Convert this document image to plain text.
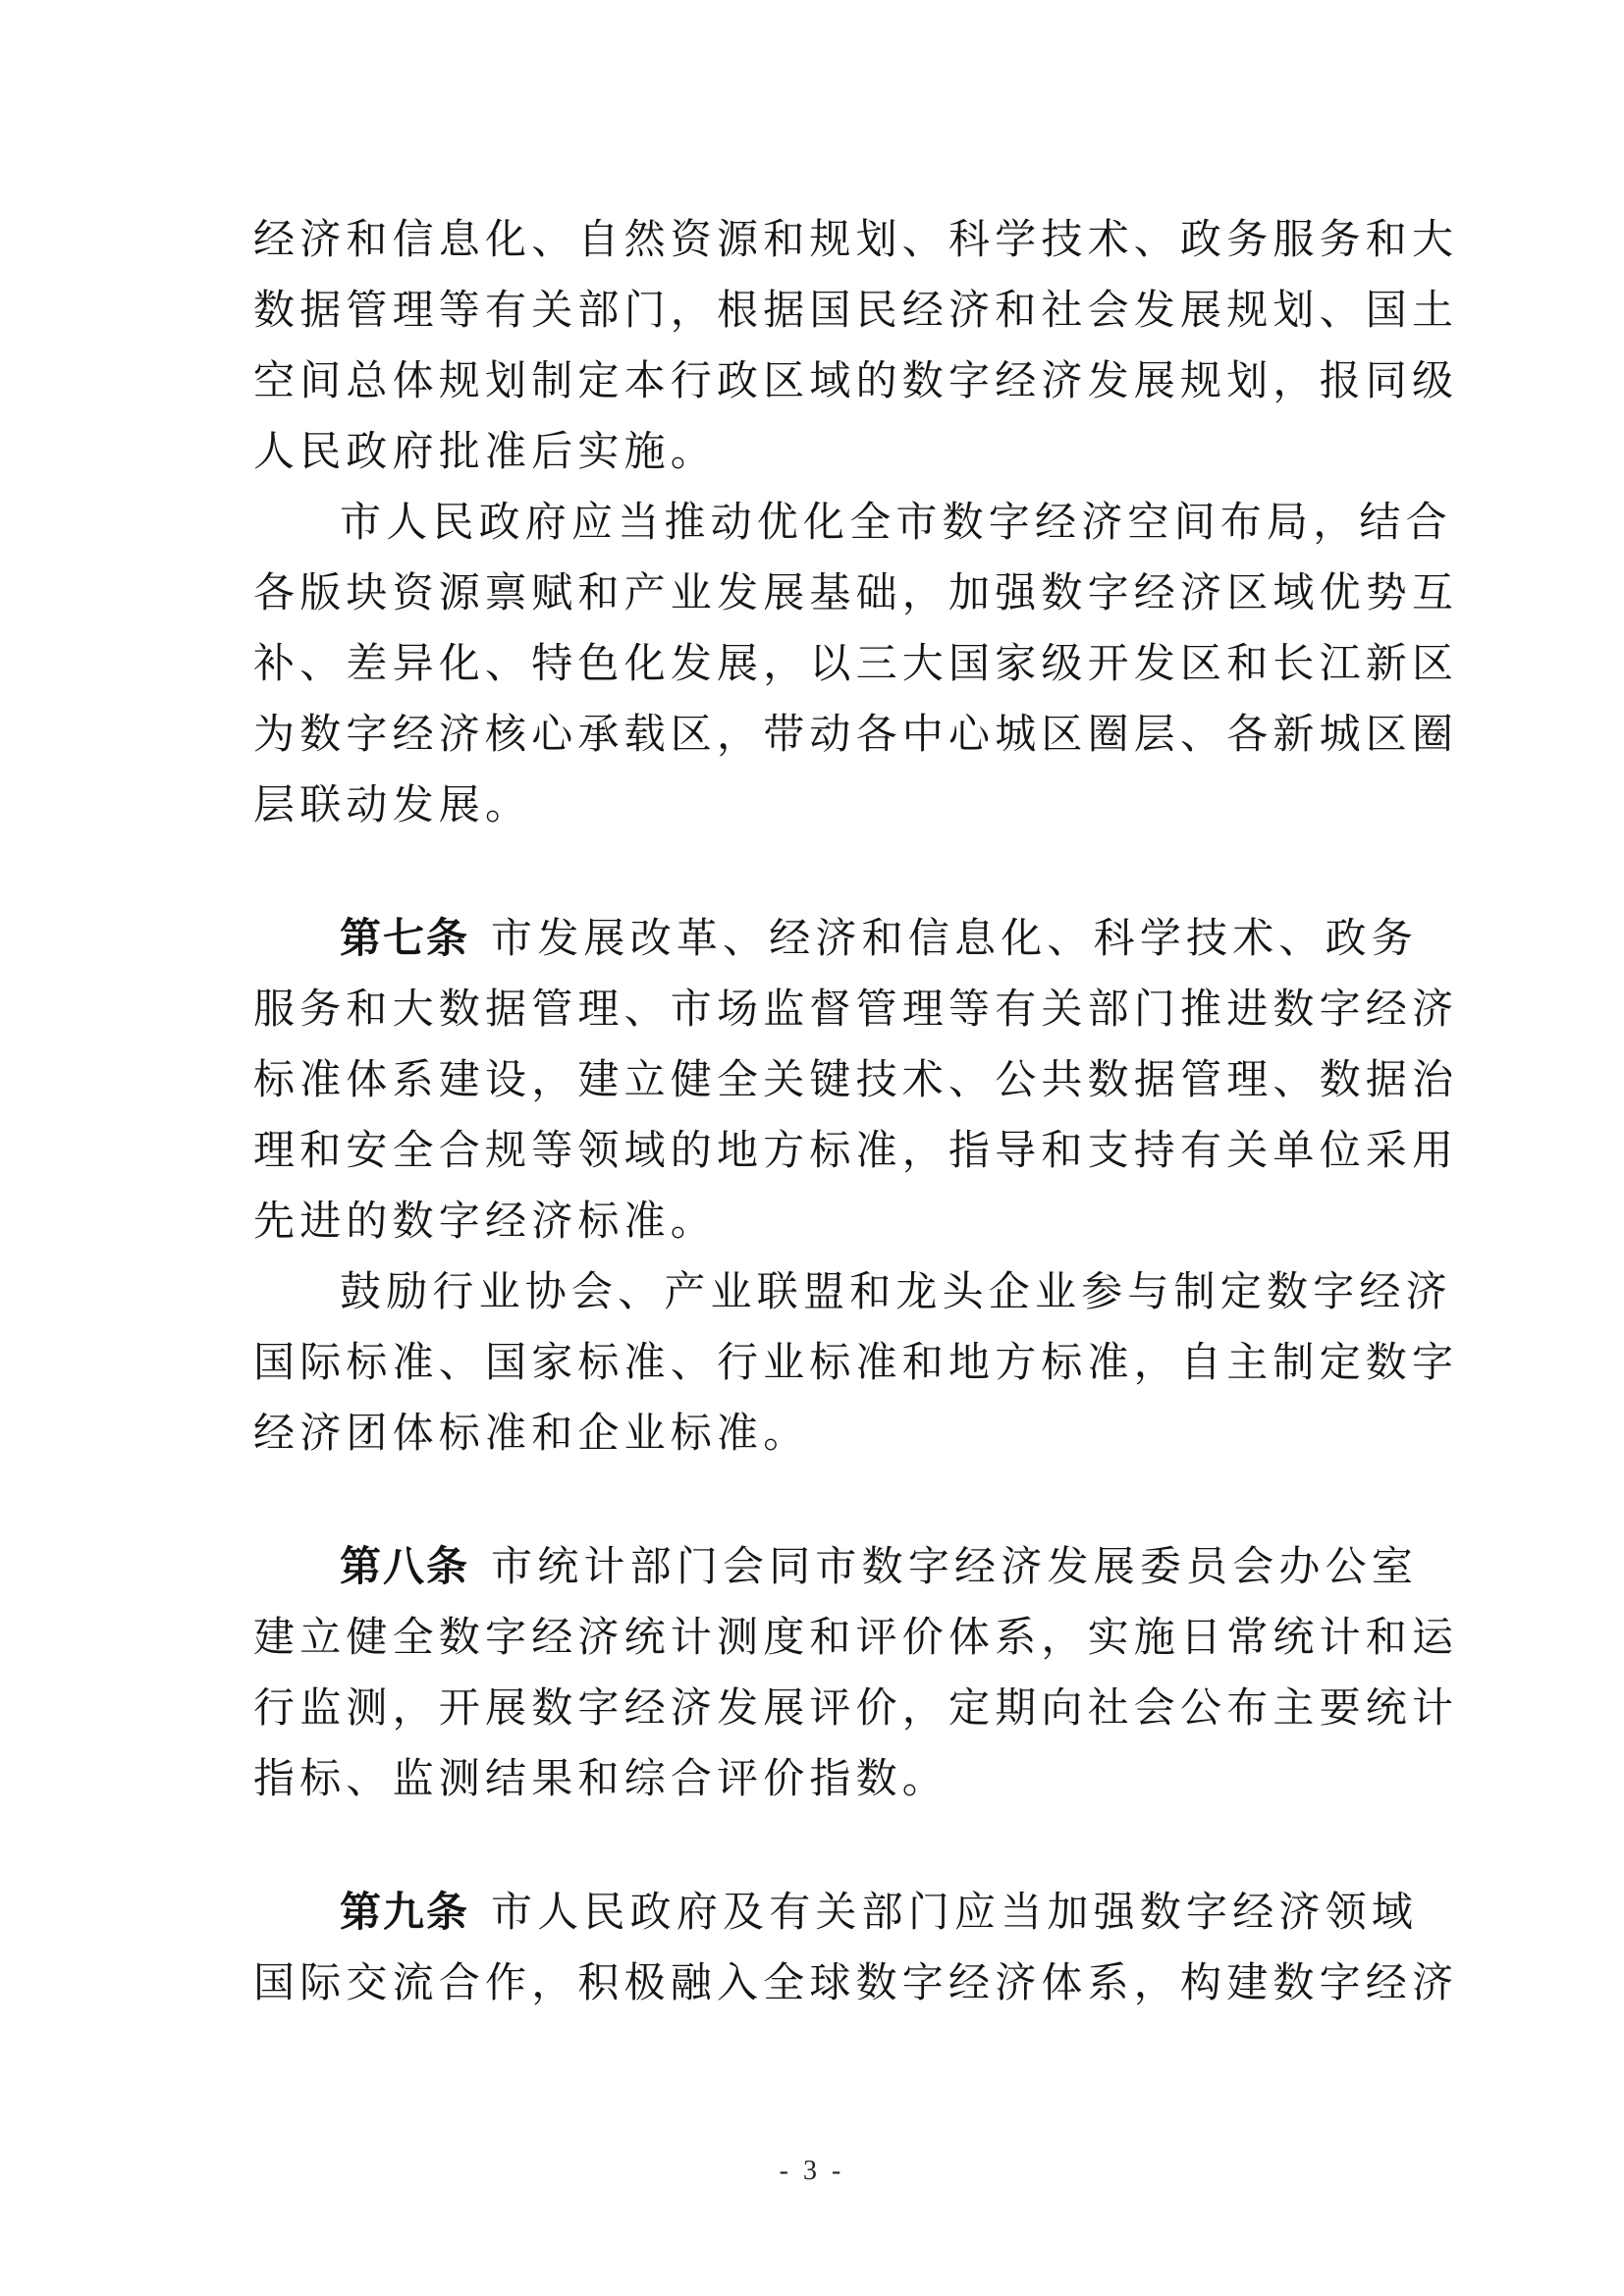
经济和信息化、自然资源和规划、科学技术、政务服务和大
数据管理等有关部门，根据国民经济和社会发展规划、国土
空间总体规划制定本行政区域的数字经济发展规划，报同级
人民政府批准后实施。
市人民政府应当推动优化全市数字经济空间布局，结合
各版块资源禀赋和产业发展基础，加强数字经济区域优势互
补、差异化、特色化发展，以三大国家级开发区和长江新区
为数字经济核心承载区，带动各中心城区圈层、各新城区圈
层联动发展。
第七条 市发展改革、经济和信息化、科学技术、政务
服务和大数据管理、市场监督管理等有关部门推进数字经济
标准体系建设，建立健全关键技术、公共数据管理、数据治
理和安全合规等领域的地方标准，指导和支持有关单位采用
先进的数字经济标准。
鼓励行业协会、产业联盟和龙头企业参与制定数字经济
国际标准、国家标准、行业标准和地方标准，自主制定数字
经济团体标准和企业标准。
第八条 市统计部门会同市数字经济发展委员会办公室
建立健全数字经济统计测度和评价体系，实施日常统计和运
行监测，开展数字经济发展评价，定期向社会公布主要统计
指标、监测结果和综合评价指数。
第九条 市人民政府及有关部门应当加强数字经济领域
国际交流合作，积极融入全球数字经济体系，构建数字经济
- 3 -
